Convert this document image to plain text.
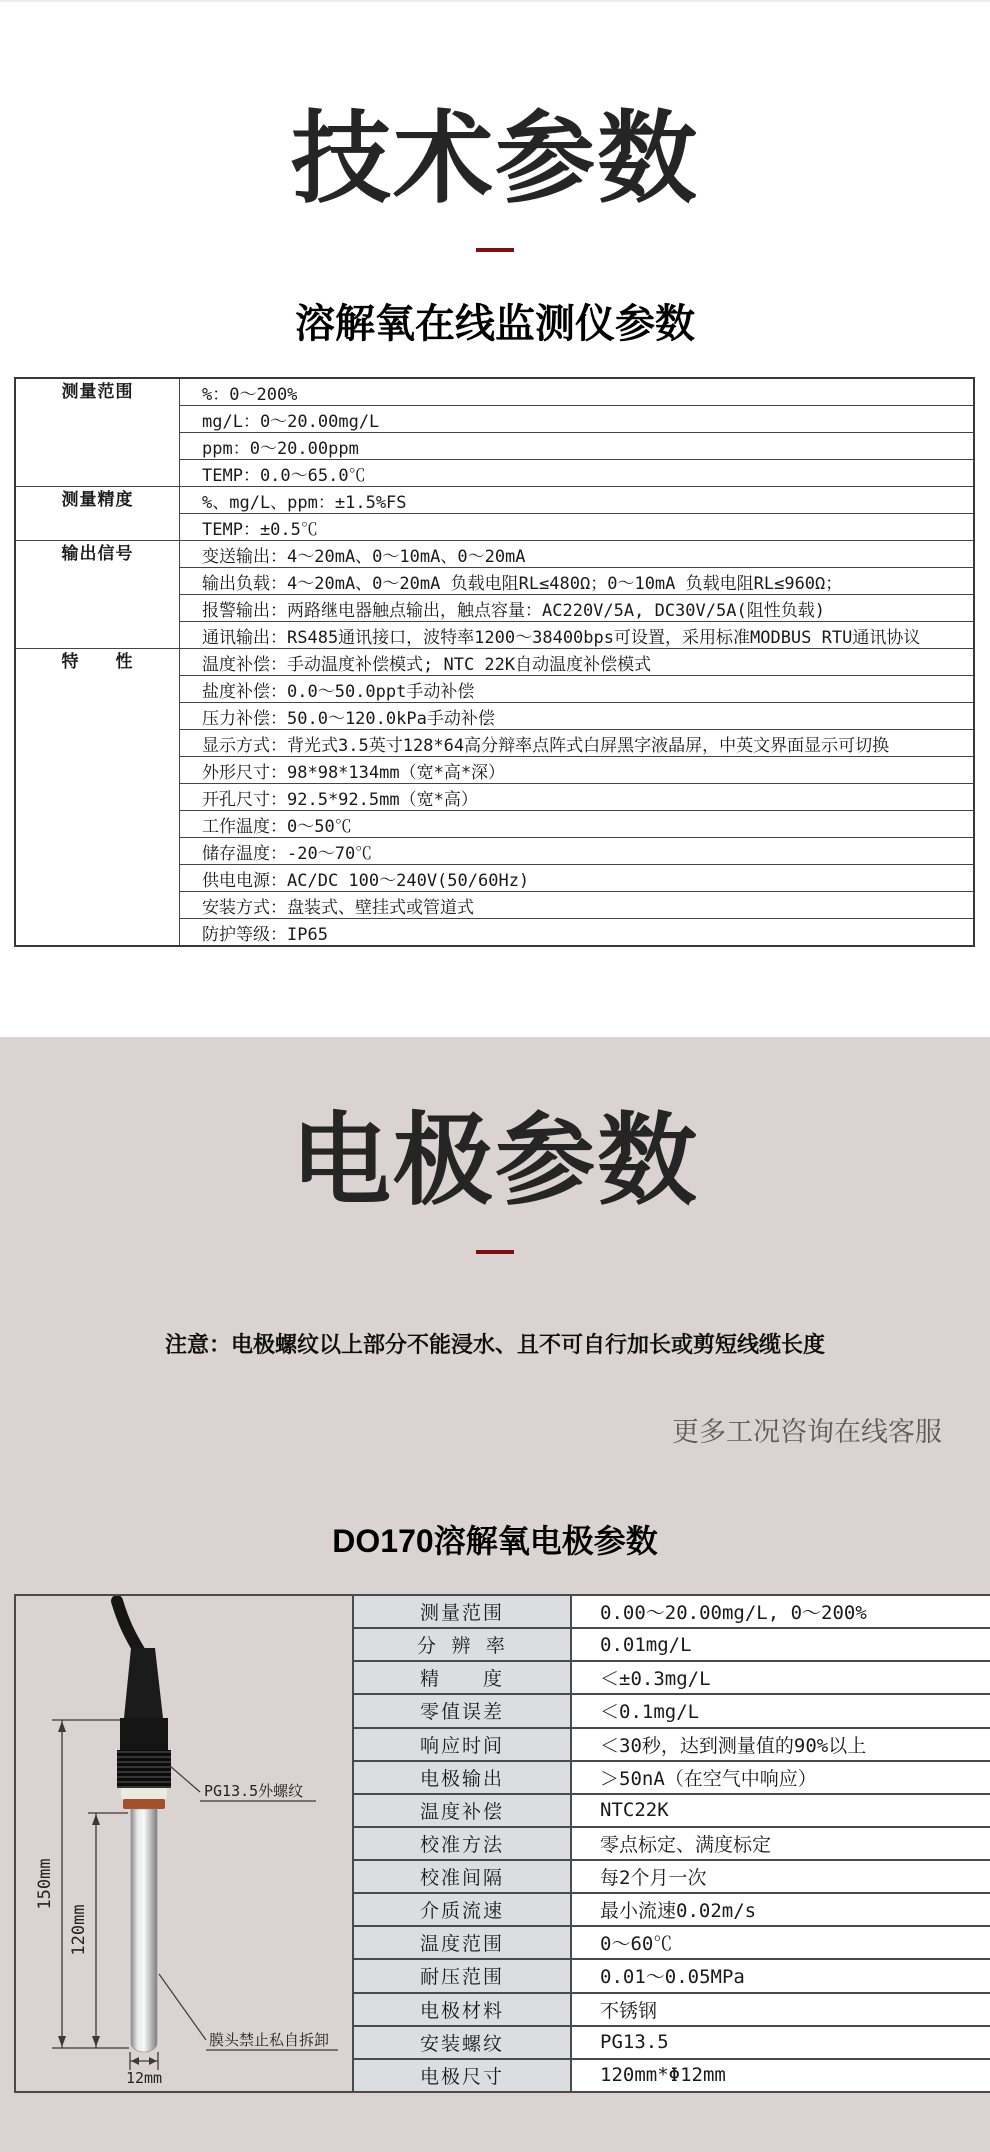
技术参数
溶解氧在线监测仪参数
测量范围	%：0～200%
	mg/L：0～20.00mg/L
	ppm：0～20.00ppm
	TEMP：0.0～65.0℃
测量精度	%、mg/L、ppm：±1.5%FS
	TEMP：±0.5℃
输出信号	变送输出：4～20mA、0～10mA、0～20mA
	输出负载：4～20mA、0～20mA 负载电阻RL≤480Ω；0～10mA 负载电阻RL≤960Ω；
	报警输出：两路继电器触点输出，触点容量：AC220V/5A, DC30V/5A(阻性负载)
	通讯输出：RS485通讯接口，波特率1200～38400bps可设置，采用标准MODBUS RTU通讯协议
特　　性	温度补偿：手动温度补偿模式; NTC 22K自动温度补偿模式
	盐度补偿：0.0～50.0ppt手动补偿
	压力补偿：50.0～120.0kPa手动补偿
	显示方式：背光式3.5英寸128*64高分辩率点阵式白屏黑字液晶屏，中英文界面显示可切换
	外形尺寸：98*98*134mm（宽*高*深）
	开孔尺寸：92.5*92.5mm（宽*高）
	工作温度：0～50℃
	储存温度：-20～70℃
	供电电源：AC/DC 100～240V(50/60Hz)
	安装方式：盘装式、壁挂式或管道式
	防护等级：IP65
电极参数

注意：电极螺纹以上部分不能浸水、且不可自行加长或剪短线缆长度

更多工况咨询在线客服

DO170溶解氧电极参数
150mm
120mm
12mm
PG13.5外螺纹
膜头禁止私自拆卸	测量范围	0.00～20.00mg/L, 0～200%
	分 辨 率	0.01mg/L
	精　　度	＜±0.3mg/L
	零值误差	＜0.1mg/L
	响应时间	＜30秒，达到测量值的90%以上
	电极输出	＞50nA（在空气中响应）
	温度补偿	NTC22K
	校准方法	零点标定、满度标定
	校准间隔	每2个月一次
	介质流速	最小流速0.02m/s
	温度范围	0～60℃
	耐压范围	0.01～0.05MPa
	电极材料	不锈钢
	安装螺纹	PG13.5
	电极尺寸	120mm*Φ12mm
